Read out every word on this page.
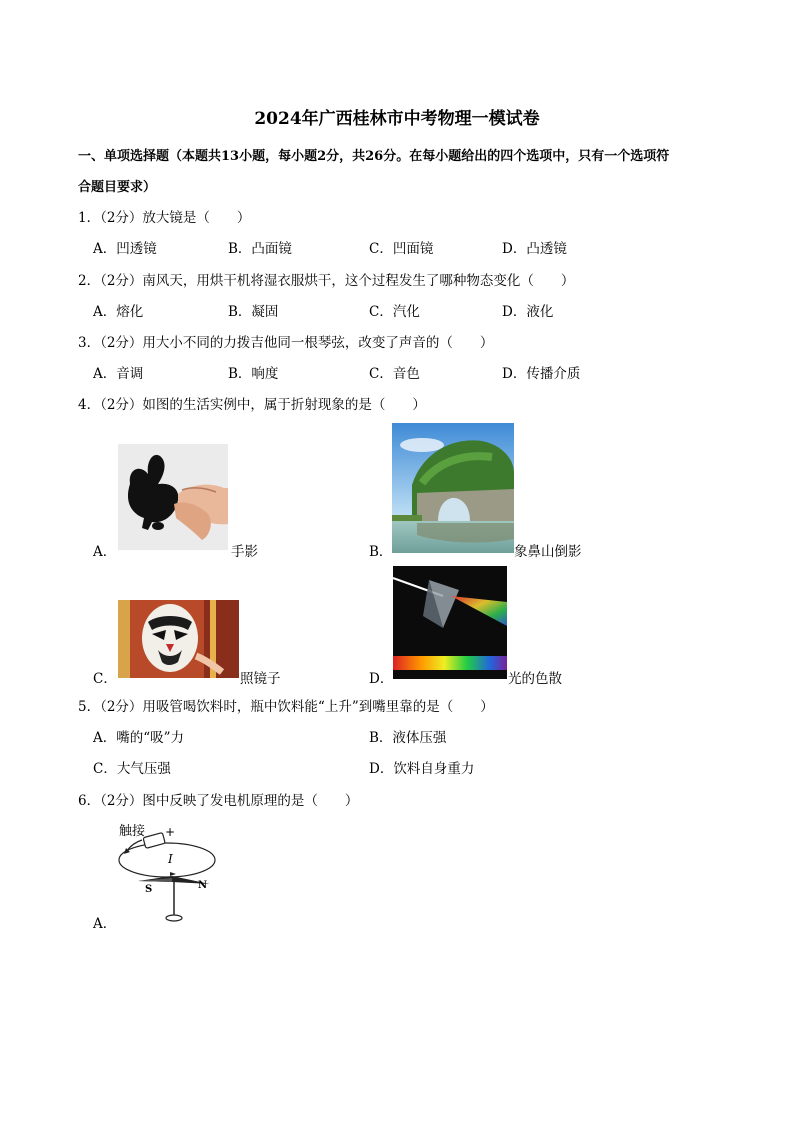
2024年广西桂林市中考物理一模试卷
一、单项选择题（本题共13小题，每小题2分，共26分。在每小题给出的四个选项中，只有一个选项符
合题目要求）
1．（2分）放大镜是（　　）
A．凹透镜	B．凸面镜	C．凹面镜	D．凸透镜
2．（2分）南风天，用烘干机将湿衣服烘干，这个过程发生了哪种物态变化（　　）
A．熔化	B．凝固	C．汽化	D．液化
3．（2分）用大小不同的力拨吉他同一根琴弦，改变了声音的（　　）
A．音调	B．响度	C．音色	D．传播介质
4．（2分）如图的生活实例中，属于折射现象的是（　　）
A．	手影	B．	象鼻山倒影
C．	照镜子	D．	光的色散
5．（2分）用吸管喝饮料时，瓶中饮料能“上升”到嘴里靠的是（　　）
A．嘴的“吸”力	B．液体压强
C．大气压强	D．饮料自身重力
6．（2分）图中反映了发电机原理的是（　　）
触接 +
I
S	N
A．
